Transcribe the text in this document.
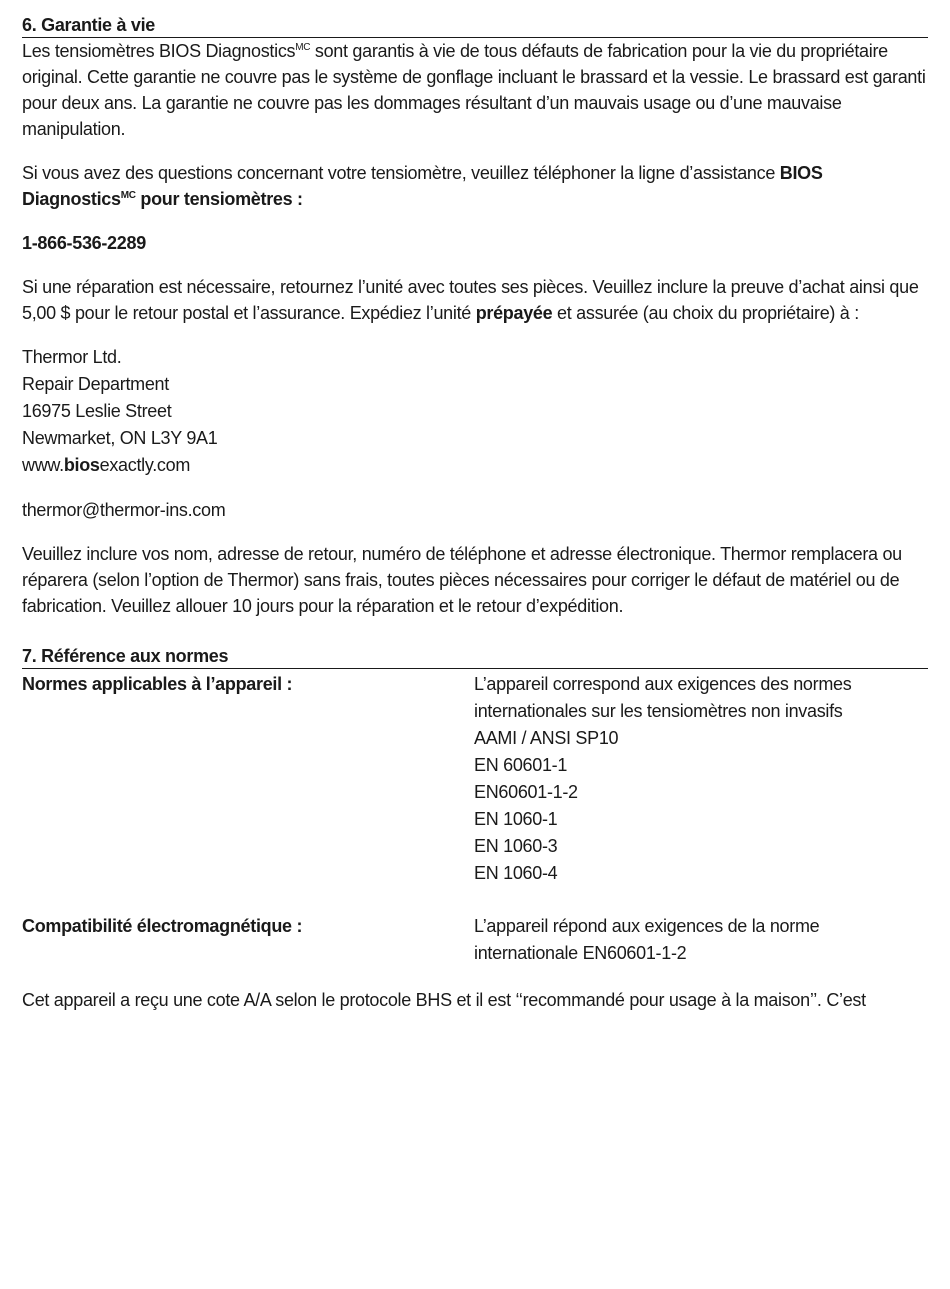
6. Garantie à vie

Les tensiomètres BIOS Diagnostics$^{MC}$ sont garantis à vie de tous défauts de fabrication pour la vie du propriétaire original. Cette garantie ne couvre pas le système de gonflage incluant le brassard et la vessie. Le brassard est garanti pour deux ans. La garantie ne couvre pas les dommages résultant d’un mauvais usage ou d’une mauvaise manipulation.

Si vous avez des questions concernant votre tensiomètre, veuillez téléphoner la ligne d’assistance BIOS Diagnostics$^{MC}$ pour tensiomètres :

1-866-536-2289

Si une réparation est nécessaire, retournez l’unité avec toutes ses pièces. Veuillez inclure la preuve d’achat ainsi que 5,00 $ pour le retour postal et l’assurance. Expédiez l’unité prépayée et assurée (au choix du propriétaire) à :

Thermor Ltd.
Repair Department
16975 Leslie Street
Newmarket, ON L3Y 9A1
www.biosexactly.com

thermor@thermor-ins.com

Veuillez inclure vos nom, adresse de retour, numéro de téléphone et adresse électronique. Thermor remplacera ou réparera (selon l’option de Thermor) sans frais, toutes pièces nécessaires pour corriger le défaut de matériel ou de fabrication. Veuillez allouer 10 jours pour la réparation et le retour d’expédition.

7. Référence aux normes
Normes applicables à l’appareil :	L’appareil correspond aux exigences des normes
internationales sur les tensiomètres non invasifs
AAMI / ANSI SP10
EN 60601-1
EN60601-1-2
EN 1060-1
EN 1060-3
EN 1060-4
Compatibilité électromagnétique :	L’appareil répond aux exigences de la norme
internationale EN60601-1-2

Cet appareil a reçu une cote A/A selon le protocole BHS et il est ‘‘recommandé pour usage à la maison’’. C’est
